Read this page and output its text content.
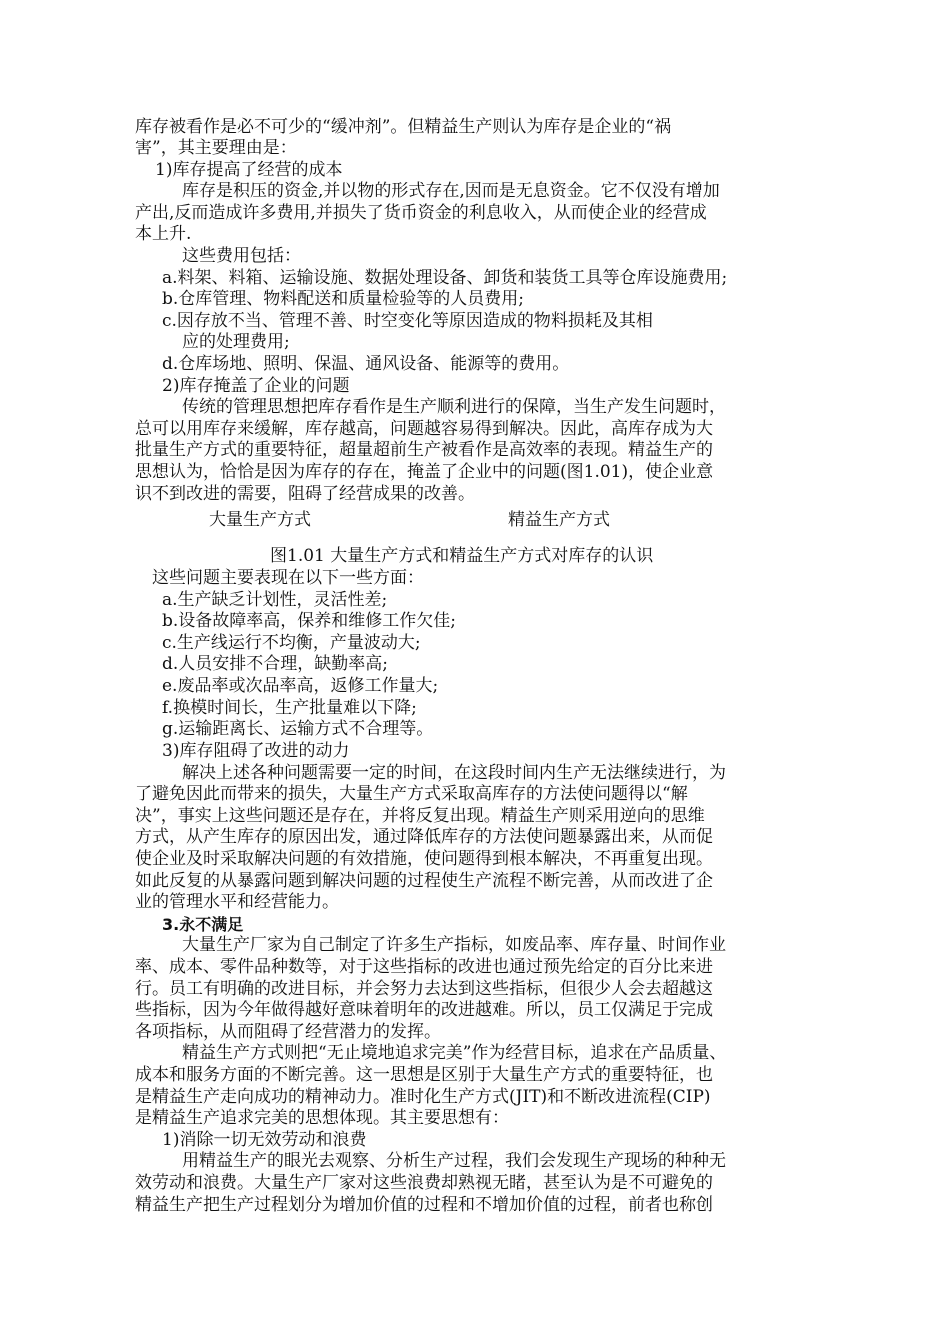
库存被看作是必不可少的“缓冲剂”。但精益生产则认为库存是企业的“祸
害”，其主要理由是：
1)库存提高了经营的成本
库存是积压的资金,并以物的形式存在,因而是无息资金。它不仅没有增加
产出,反而造成许多费用,并损失了货币资金的利息收入，从而使企业的经营成
本上升.
这些费用包括：
a.料架、料箱、运输设施、数据处理设备、卸货和装货工具等仓库设施费用;
b.仓库管理、物料配送和质量检验等的人员费用;
c.因存放不当、管理不善、时空变化等原因造成的物料损耗及其相
应的处理费用;
d.仓库场地、照明、保温、通风设备、能源等的费用。
2)库存掩盖了企业的问题
传统的管理思想把库存看作是生产顺利进行的保障，当生产发生问题时，
总可以用库存来缓解，库存越高，问题越容易得到解决。因此，高库存成为大
批量生产方式的重要特征，超量超前生产被看作是高效率的表现。精益生产的
思想认为，恰恰是因为库存的存在，掩盖了企业中的问题(图1.01)，使企业意
识不到改进的需要，阻碍了经营成果的改善。
大量生产方式	精益生产方式
图1.01 大量生产方式和精益生产方式对库存的认识
这些问题主要表现在以下一些方面：
a.生产缺乏计划性，灵活性差;
b.设备故障率高，保养和维修工作欠佳;
c.生产线运行不均衡，产量波动大;
d.人员安排不合理，缺勤率高;
e.废品率或次品率高，返修工作量大;
f.换模时间长，生产批量难以下降;
g.运输距离长、运输方式不合理等。
3)库存阻碍了改进的动力
解决上述各种问题需要一定的时间，在这段时间内生产无法继续进行，为
了避免因此而带来的损失，大量生产方式采取高库存的方法使问题得以“解
决”，事实上这些问题还是存在，并将反复出现。精益生产则采用逆向的思维
方式，从产生库存的原因出发，通过降低库存的方法使问题暴露出来，从而促
使企业及时采取解决问题的有效措施，使问题得到根本解决，不再重复出现。
如此反复的从暴露问题到解决问题的过程使生产流程不断完善，从而改进了企
业的管理水平和经营能力。
3.永不满足
大量生产厂家为自己制定了许多生产指标，如废品率、库存量、时间作业
率、成本、零件品种数等，对于这些指标的改进也通过预先给定的百分比来进
行。员工有明确的改进目标，并会努力去达到这些指标，但很少人会去超越这
些指标，因为今年做得越好意味着明年的改进越难。所以，员工仅满足于完成
各项指标，从而阻碍了经营潜力的发挥。
精益生产方式则把“无止境地追求完美”作为经营目标，追求在产品质量、
成本和服务方面的不断完善。这一思想是区别于大量生产方式的重要特征，也
是精益生产走向成功的精神动力。准时化生产方式(JIT)和不断改进流程(CIP)
是精益生产追求完美的思想体现。其主要思想有：
1)消除一切无效劳动和浪费
用精益生产的眼光去观察、分析生产过程，我们会发现生产现场的种种无
效劳动和浪费。大量生产厂家对这些浪费却熟视无睹，甚至认为是不可避免的
精益生产把生产过程划分为增加价值的过程和不增加价值的过程，前者也称创
